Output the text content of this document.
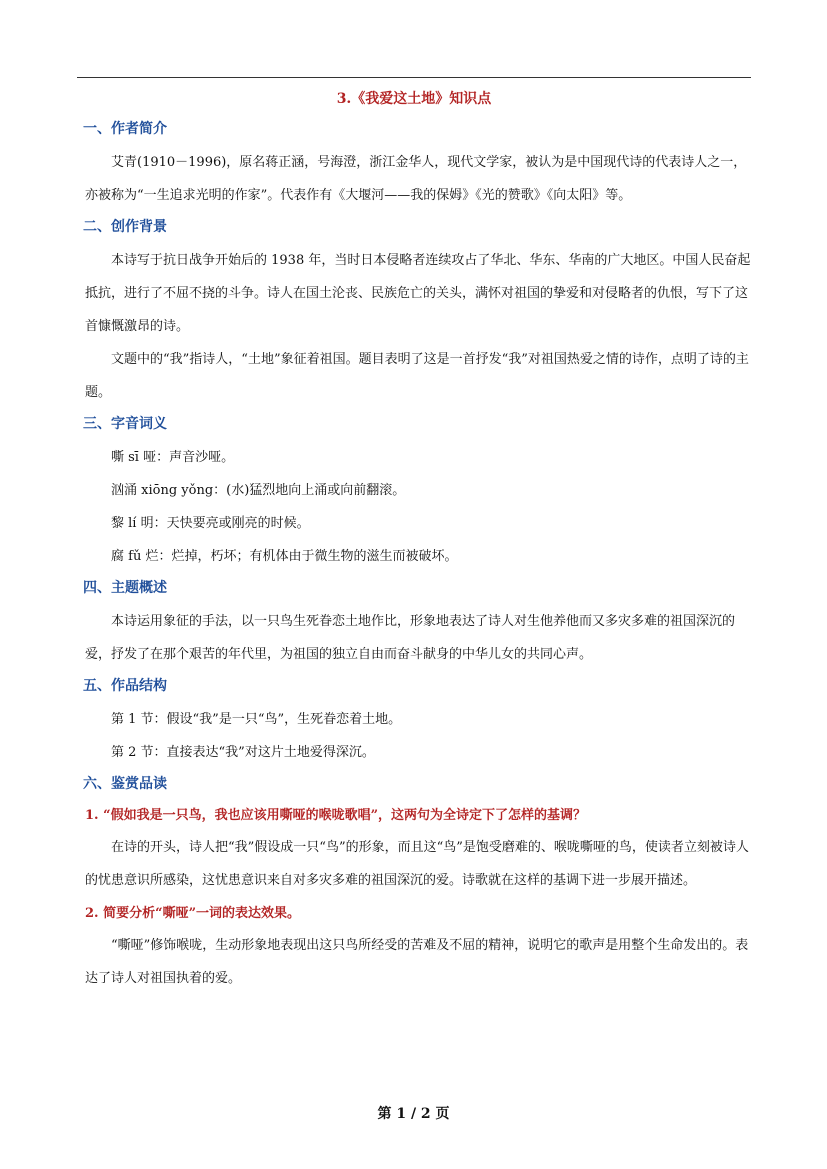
3.《我爱这土地》知识点
一、作者简介

艾青(1910－1996)，原名蒋正涵，号海澄，浙江金华人，现代文学家，被认为是中国现代诗的代表诗人之一，亦被称为“一生追求光明的作家”。代表作有《大堰河——我的保姆》《光的赞歌》《向太阳》等。

二、创作背景

本诗写于抗日战争开始后的 1938 年，当时日本侵略者连续攻占了华北、华东、华南的广大地区。中国人民奋起抵抗，进行了不屈不挠的斗争。诗人在国土沦丧、民族危亡的关头，满怀对祖国的挚爱和对侵略者的仇恨，写下了这首慷慨激昂的诗。

文题中的“我”指诗人，“土地”象征着祖国。题目表明了这是一首抒发“我”对祖国热爱之情的诗作，点明了诗的主题。

三、字音词义

嘶 sī 哑：声音沙哑。

汹涌 xiōng yǒng：(水)猛烈地向上涌或向前翻滚。

黎 lí 明：天快要亮或刚亮的时候。

腐 fǔ 烂：烂掉，朽坏；有机体由于微生物的滋生而被破坏。

四、主题概述

本诗运用象征的手法，以一只鸟生死眷恋土地作比，形象地表达了诗人对生他养他而又多灾多难的祖国深沉的爱，抒发了在那个艰苦的年代里，为祖国的独立自由而奋斗献身的中华儿女的共同心声。

五、作品结构

第 1 节：假设“我”是一只“鸟”，生死眷恋着土地。

第 2 节：直接表达“我”对这片土地爱得深沉。

六、鉴赏品读

1. “假如我是一只鸟，我也应该用嘶哑的喉咙歌唱”，这两句为全诗定下了怎样的基调？

在诗的开头，诗人把“我”假设成一只“鸟”的形象，而且这“鸟”是饱受磨难的、喉咙嘶哑的鸟，使读者立刻被诗人的忧患意识所感染，这忧患意识来自对多灾多难的祖国深沉的爱。诗歌就在这样的基调下进一步展开描述。

2. 简要分析“嘶哑”一词的表达效果。

“嘶哑”修饰喉咙，生动形象地表现出这只鸟所经受的苦难及不屈的精神，说明它的歌声是用整个生命发出的。表达了诗人对祖国执着的爱。

第 1 / 2 页
